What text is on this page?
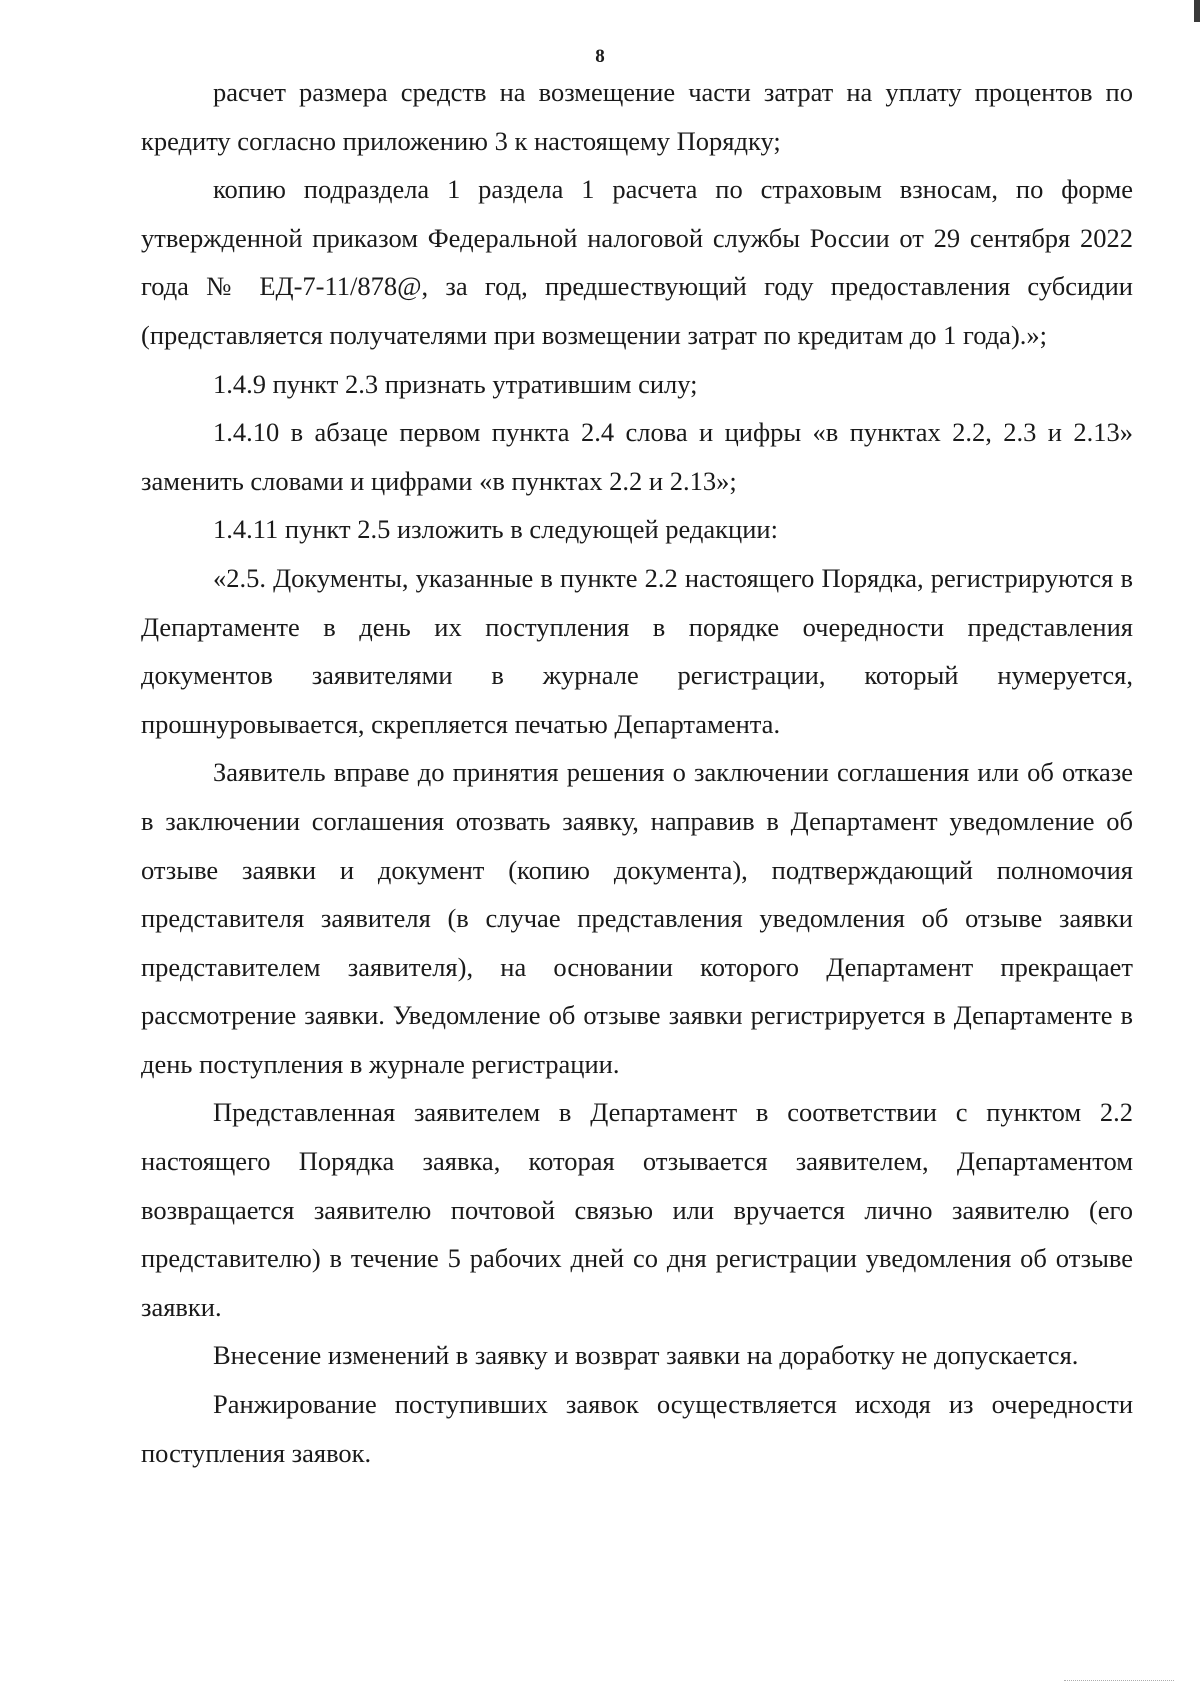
8

расчет размера средств на возмещение части затрат на уплату процентов по кредиту согласно приложению 3 к настоящему Порядку;

копию подраздела 1 раздела 1 расчета по страховым взносам, по форме утвержденной приказом Федеральной налоговой службы России от 29 сентября 2022 года № ЕД-7-11/878@, за год, предшествующий году предоставления субсидии (представляется получателями при возмещении затрат по кредитам до 1 года).»;

1.4.9 пункт 2.3 признать утратившим силу;

1.4.10 в абзаце первом пункта 2.4 слова и цифры «в пунктах 2.2, 2.3 и 2.13» заменить словами и цифрами «в пунктах 2.2 и 2.13»;

1.4.11 пункт 2.5 изложить в следующей редакции:

«2.5. Документы, указанные в пункте 2.2 настоящего Порядка, регистрируются в Департаменте в день их поступления в порядке очередности представления документов заявителями в журнале регистрации, который нумеруется, прошнуровывается, скрепляется печатью Департамента.

Заявитель вправе до принятия решения о заключении соглашения или об отказе в заключении соглашения отозвать заявку, направив в Департамент уведомление об отзыве заявки и документ (копию документа), подтверждающий полномочия представителя заявителя (в случае представления уведомления об отзыве заявки представителем заявителя), на основании которого Департамент прекращает рассмотрение заявки. Уведомление об отзыве заявки регистрируется в Департаменте в день поступления в журнале регистрации.

Представленная заявителем в Департамент в соответствии с пунктом 2.2 настоящего Порядка заявка, которая отзывается заявителем, Департаментом возвращается заявителю почтовой связью или вручается лично заявителю (его представителю) в течение 5 рабочих дней со дня регистрации уведомления об отзыве заявки.

Внесение изменений в заявку и возврат заявки на доработку не допускается.

Ранжирование поступивших заявок осуществляется исходя из очередности поступления заявок.
